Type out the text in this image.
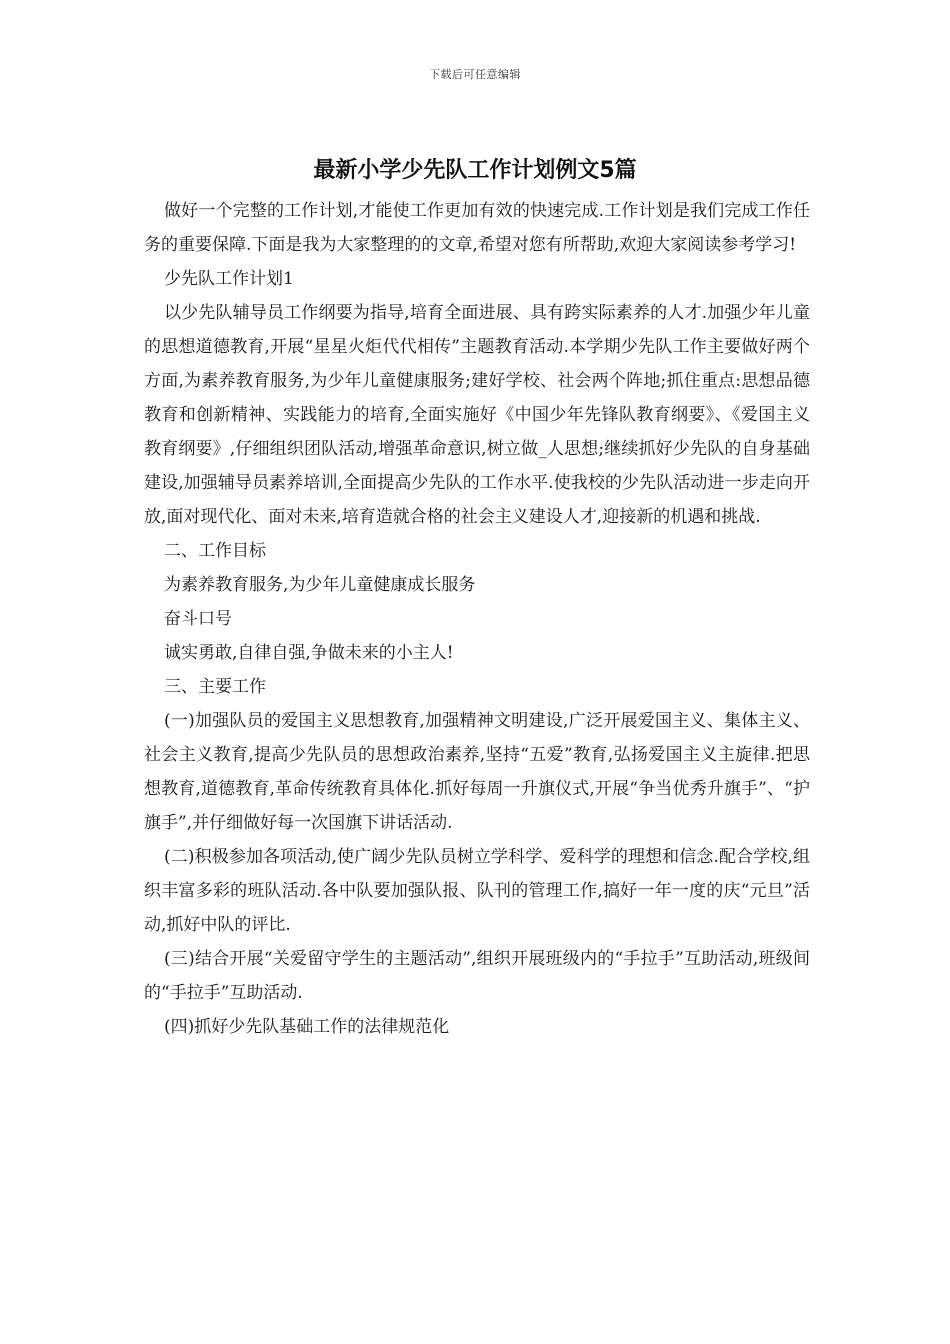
下载后可任意编辑
最新小学少先队工作计划例文5篇

做好一个完整的工作计划,才能使工作更加有效的快速完成.工作计划是我们完成工作任务的重要保障.下面是我为大家整理的的文章,希望对您有所帮助,欢迎大家阅读参考学习!

少先队工作计划1

以少先队辅导员工作纲要为指导,培育全面进展、具有跨实际素养的人才.加强少年儿童的思想道德教育,开展“星星火炬代代相传”主题教育活动.本学期少先队工作主要做好两个方面,为素养教育服务,为少年儿童健康服务;建好学校、社会两个阵地;抓住重点:思想品德教育和创新精神、实践能力的培育,全面实施好《中国少年先锋队教育纲要》、《爱国主义教育纲要》,仔细组织团队活动,增强革命意识,树立做_人思想;继续抓好少先队的自身基础建设,加强辅导员素养培训,全面提高少先队的工作水平.使我校的少先队活动进一步走向开放,面对现代化、面对未来,培育造就合格的社会主义建设人才,迎接新的机遇和挑战.

二、工作目标

为素养教育服务,为少年儿童健康成长服务

奋斗口号

诚实勇敢,自律自强,争做未来的小主人!

三、主要工作

(一)加强队员的爱国主义思想教育,加强精神文明建设,广泛开展爱国主义、集体主义、社会主义教育,提高少先队员的思想政治素养,坚持“五爱”教育,弘扬爱国主义主旋律.把思想教育,道德教育,革命传统教育具体化.抓好每周一升旗仪式,开展“争当优秀升旗手”、“护旗手”,并仔细做好每一次国旗下讲话活动.

(二)积极参加各项活动,使广阔少先队员树立学科学、爱科学的理想和信念.配合学校,组织丰富多彩的班队活动.各中队要加强队报、队刊的管理工作,搞好一年一度的庆“元旦”活动,抓好中队的评比.

(三)结合开展“关爱留守学生的主题活动”,组织开展班级内的“手拉手”互助活动,班级间的“手拉手”互助活动.

(四)抓好少先队基础工作的法律规范化
